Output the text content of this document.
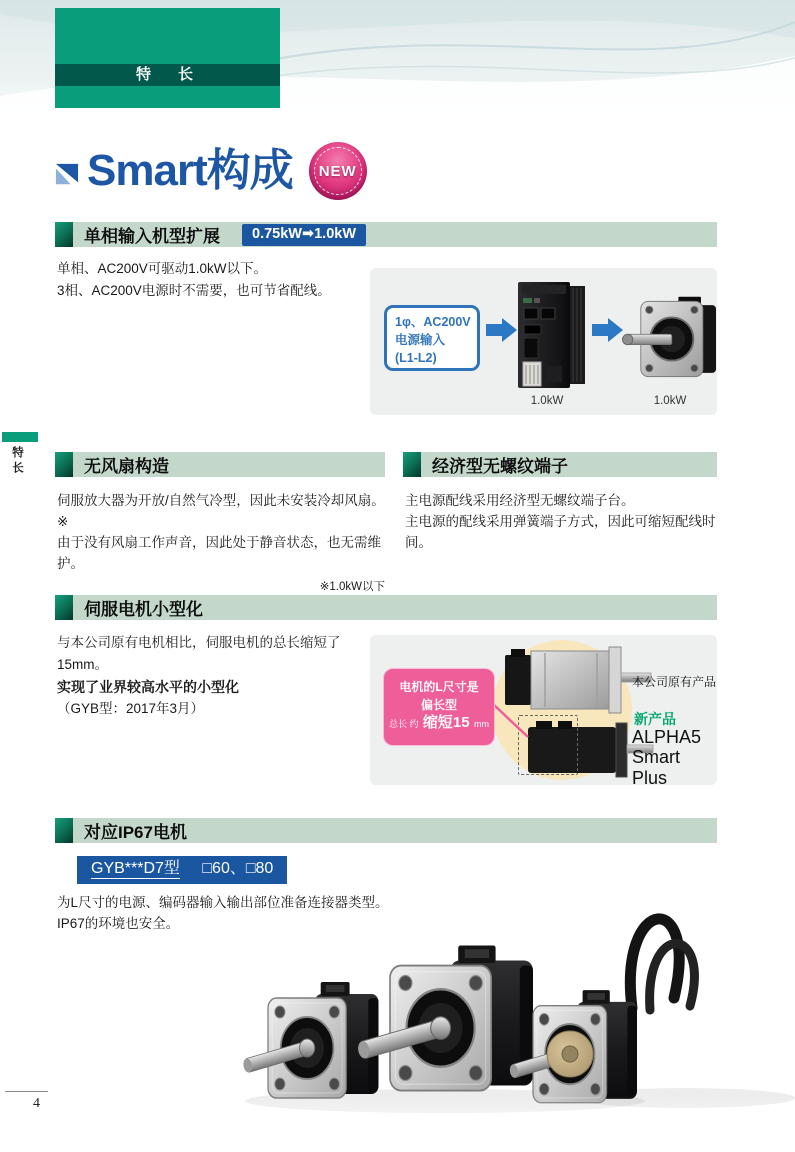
特　长
特长
Smart构成 NEW
单相输入机型扩展	0.75kW➡1.0kW
单相、AC200V可驱动1.0kW以下。
3相、AC200V电源时不需要，也可节省配线。
1φ、AC200V
电源输入
(L1-L2)
1.0kW	1.0kW
无风扇构造
伺服放大器为开放/自然气冷型，因此未安装冷却风扇。※
由于没有风扇工作声音，因此处于静音状态，也无需维
护。
※1.0kW以下
经济型无螺纹端子
主电源配线采用经济型无螺纹端子台。
主电源的配线采用弹簧端子方式，因此可缩短配线时
间。
伺服电机小型化
与本公司原有电机相比，伺服电机的总长缩短了
15mm。
实现了业界较高水平的小型化
（GYB型：2017年3月）
电机的L尺寸是
偏长型
总长 约 缩短15 mm
本公司原有产品
新产品
ALPHA5
Smart Plus
对应IP67电机
GYB***D7型 □60、□80
为L尺寸的电源、编码器输入输出部位准备连接器类型。
IP67的环境也安全。
4
